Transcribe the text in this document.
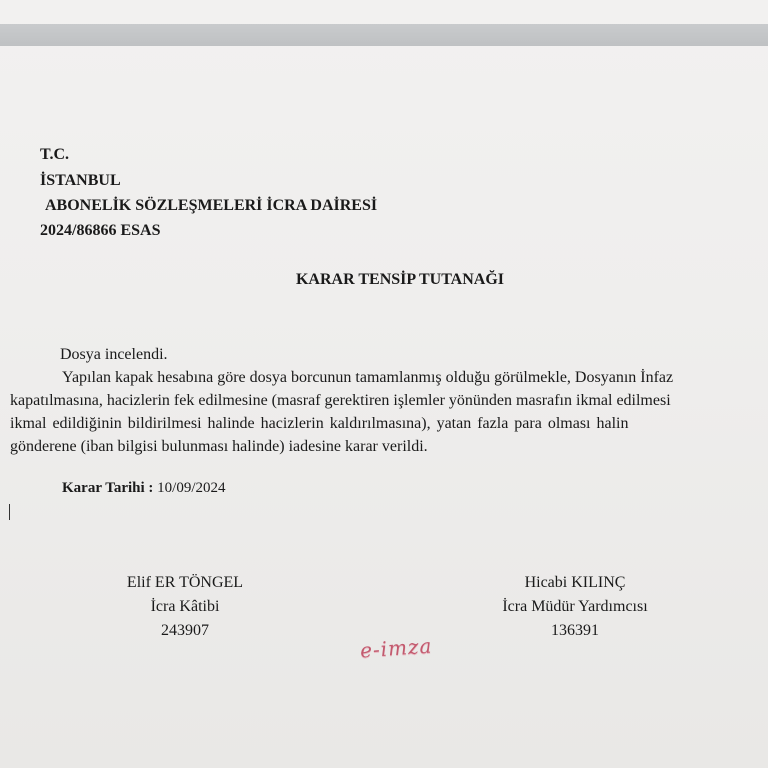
T.C.
İSTANBUL
ABONELİK SÖZLEŞMELERİ İCRA DAİRESİ
2024/86866 ESAS
KARAR TENSİP TUTANAĞI

Dosya incelendi.

Yapılan kapak hesabına göre dosya borcunun tamamlanmış olduğu görülmekle, Dosyanın İnfaz

kapatılmasına, hacizlerin fek edilmesine (masraf gerektiren işlemler yönünden masrafın ikmal edilmesi

ikmal edildiğinin bildirilmesi halinde hacizlerin kaldırılmasına), yatan fazla para olması halin

gönderene (iban bilgisi bulunması halinde) iadesine karar verildi.

Karar Tarihi : 10/09/2024
Elif ER TÖNGEL
İcra Kâtibi
243907
Hicabi KILINÇ
İcra Müdür Yardımcısı
136391
e-imza
